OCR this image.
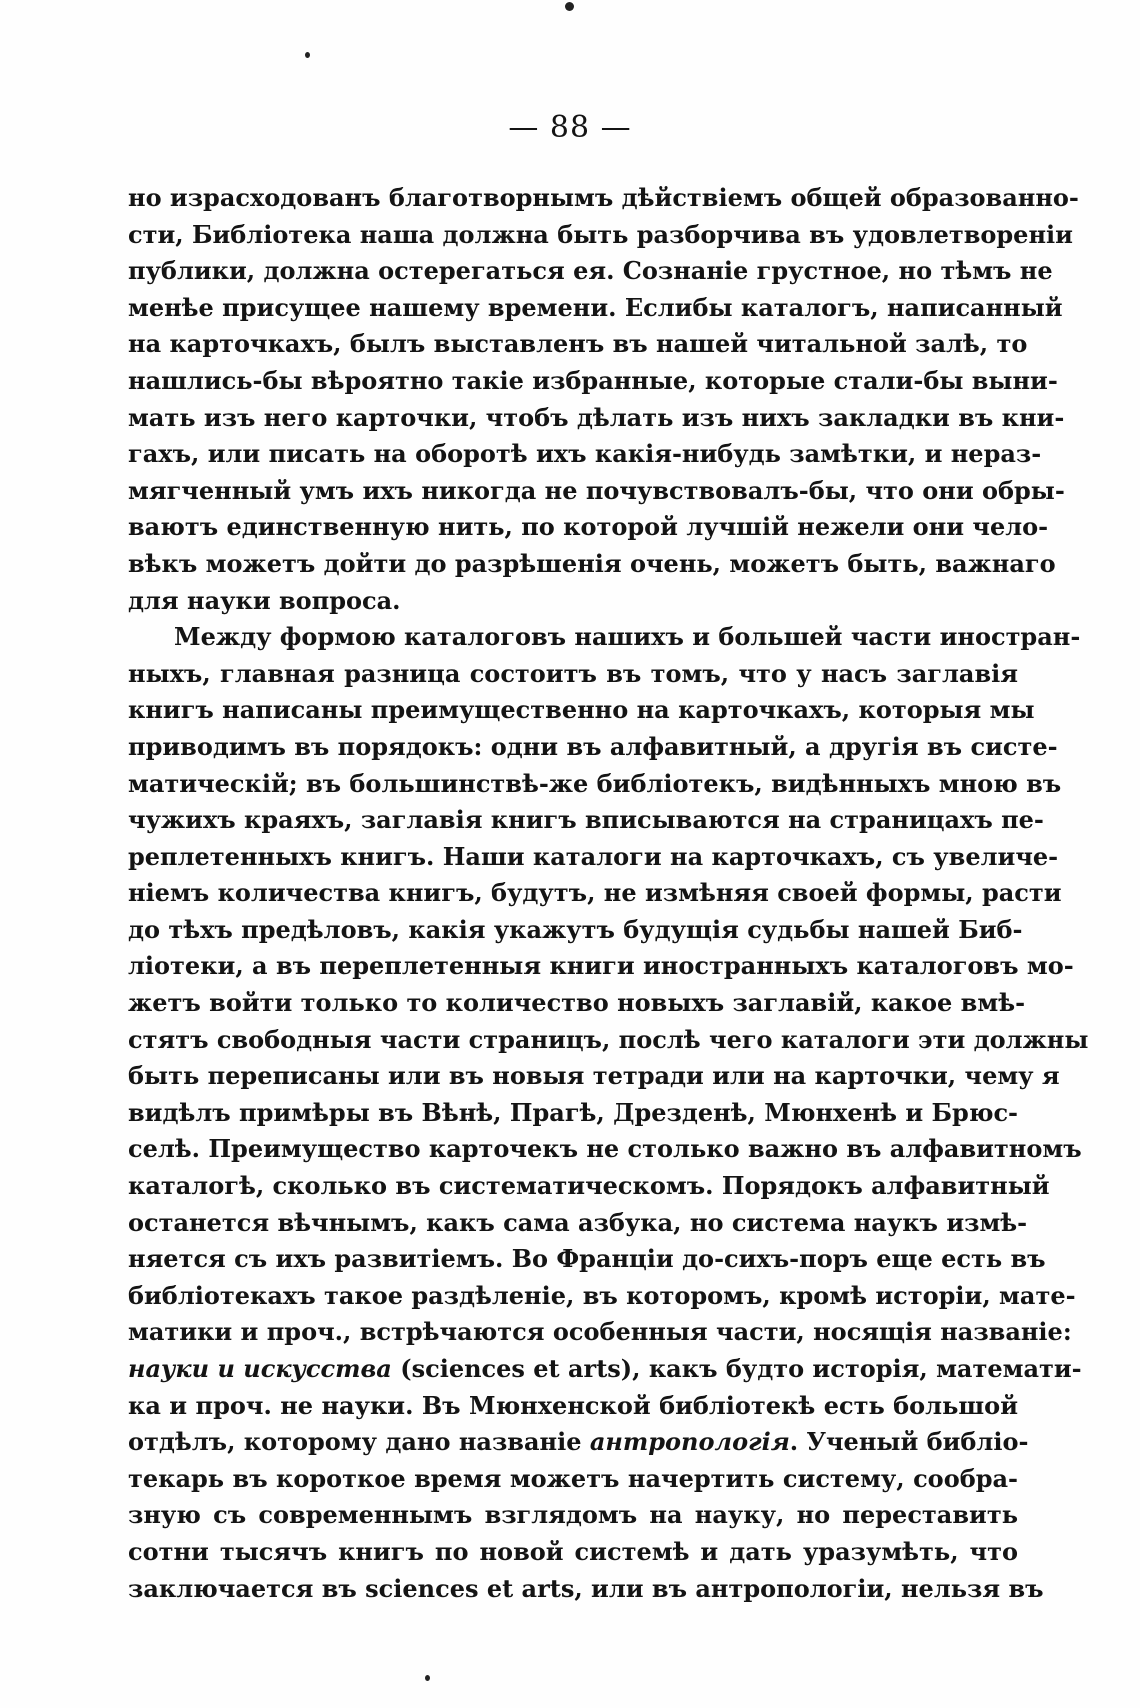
— 88 —
но израсходованъ благотворнымъ дѣйствіемъ общей образованно-
сти, Библіотека наша должна быть разборчива въ удовлетвореніи
публики, должна остерегаться ея. Сознаніе грустное, но тѣмъ не
менѣе присущее нашему времени. Еслибы каталогъ, написанный
на карточкахъ, былъ выставленъ въ нашей читальной залѣ, то
нашлись-бы вѣроятно такіе избранные, которые стали-бы выни-
мать изъ него карточки, чтобъ дѣлать изъ нихъ закладки въ кни-
гахъ, или писать на оборотѣ ихъ какія-нибудь замѣтки, и нераз-
мягченный умъ ихъ никогда не почувствовалъ-бы, что они обры-
ваютъ единственную нить, по которой лучшій нежели они чело-
вѣкъ можетъ дойти до разрѣшенія очень, можетъ быть, важнаго
для науки вопроса.
Между формою каталоговъ нашихъ и большей части иностран-
ныхъ, главная разница состоитъ въ томъ, что у насъ заглавія
книгъ написаны преимущественно на карточкахъ, которыя мы
приводимъ въ порядокъ: одни въ алфавитный, а другія въ систе-
матическій; въ большинствѣ-же библіотекъ, видѣнныхъ мною въ
чужихъ краяхъ, заглавія книгъ вписываются на страницахъ пе-
реплетенныхъ книгъ. Наши каталоги на карточкахъ, съ увеличе-
ніемъ количества книгъ, будутъ, не измѣняя своей формы, расти
до тѣхъ предѣловъ, какія укажутъ будущія судьбы нашей Биб-
ліотеки, а въ переплетенныя книги иностранныхъ каталоговъ мо-
жетъ войти только то количество новыхъ заглавій, какое вмѣ-
стятъ свободныя части страницъ, послѣ чего каталоги эти должны
быть переписаны или въ новыя тетради или на карточки, чему я
видѣлъ примѣры въ Вѣнѣ, Прагѣ, Дрезденѣ, Мюнхенѣ и Брюс-
селѣ. Преимущество карточекъ не столько важно въ алфавитномъ
каталогѣ, сколько въ систематическомъ. Порядокъ алфавитный
останется вѣчнымъ, какъ сама азбука, но система наукъ измѣ-
няется съ ихъ развитіемъ. Во Франціи до-сихъ-поръ еще есть въ
библіотекахъ такое раздѣленіе, въ которомъ, кромѣ исторіи, мате-
матики и проч., встрѣчаются особенныя части, носящія названіе:
науки и искусства (sciences et arts), какъ будто исторія, математи-
ка и проч. не науки. Въ Мюнхенской библіотекѣ есть большой
отдѣлъ, которому дано названіе антропологія. Ученый библіо-
текарь въ короткое время можетъ начертить систему, сообра-
зную съ современнымъ взглядомъ на науку, но переставить
сотни тысячъ книгъ по новой системѣ и дать уразумѣть, что
заключается въ sciences et arts, или въ антропологіи, нельзя въ
